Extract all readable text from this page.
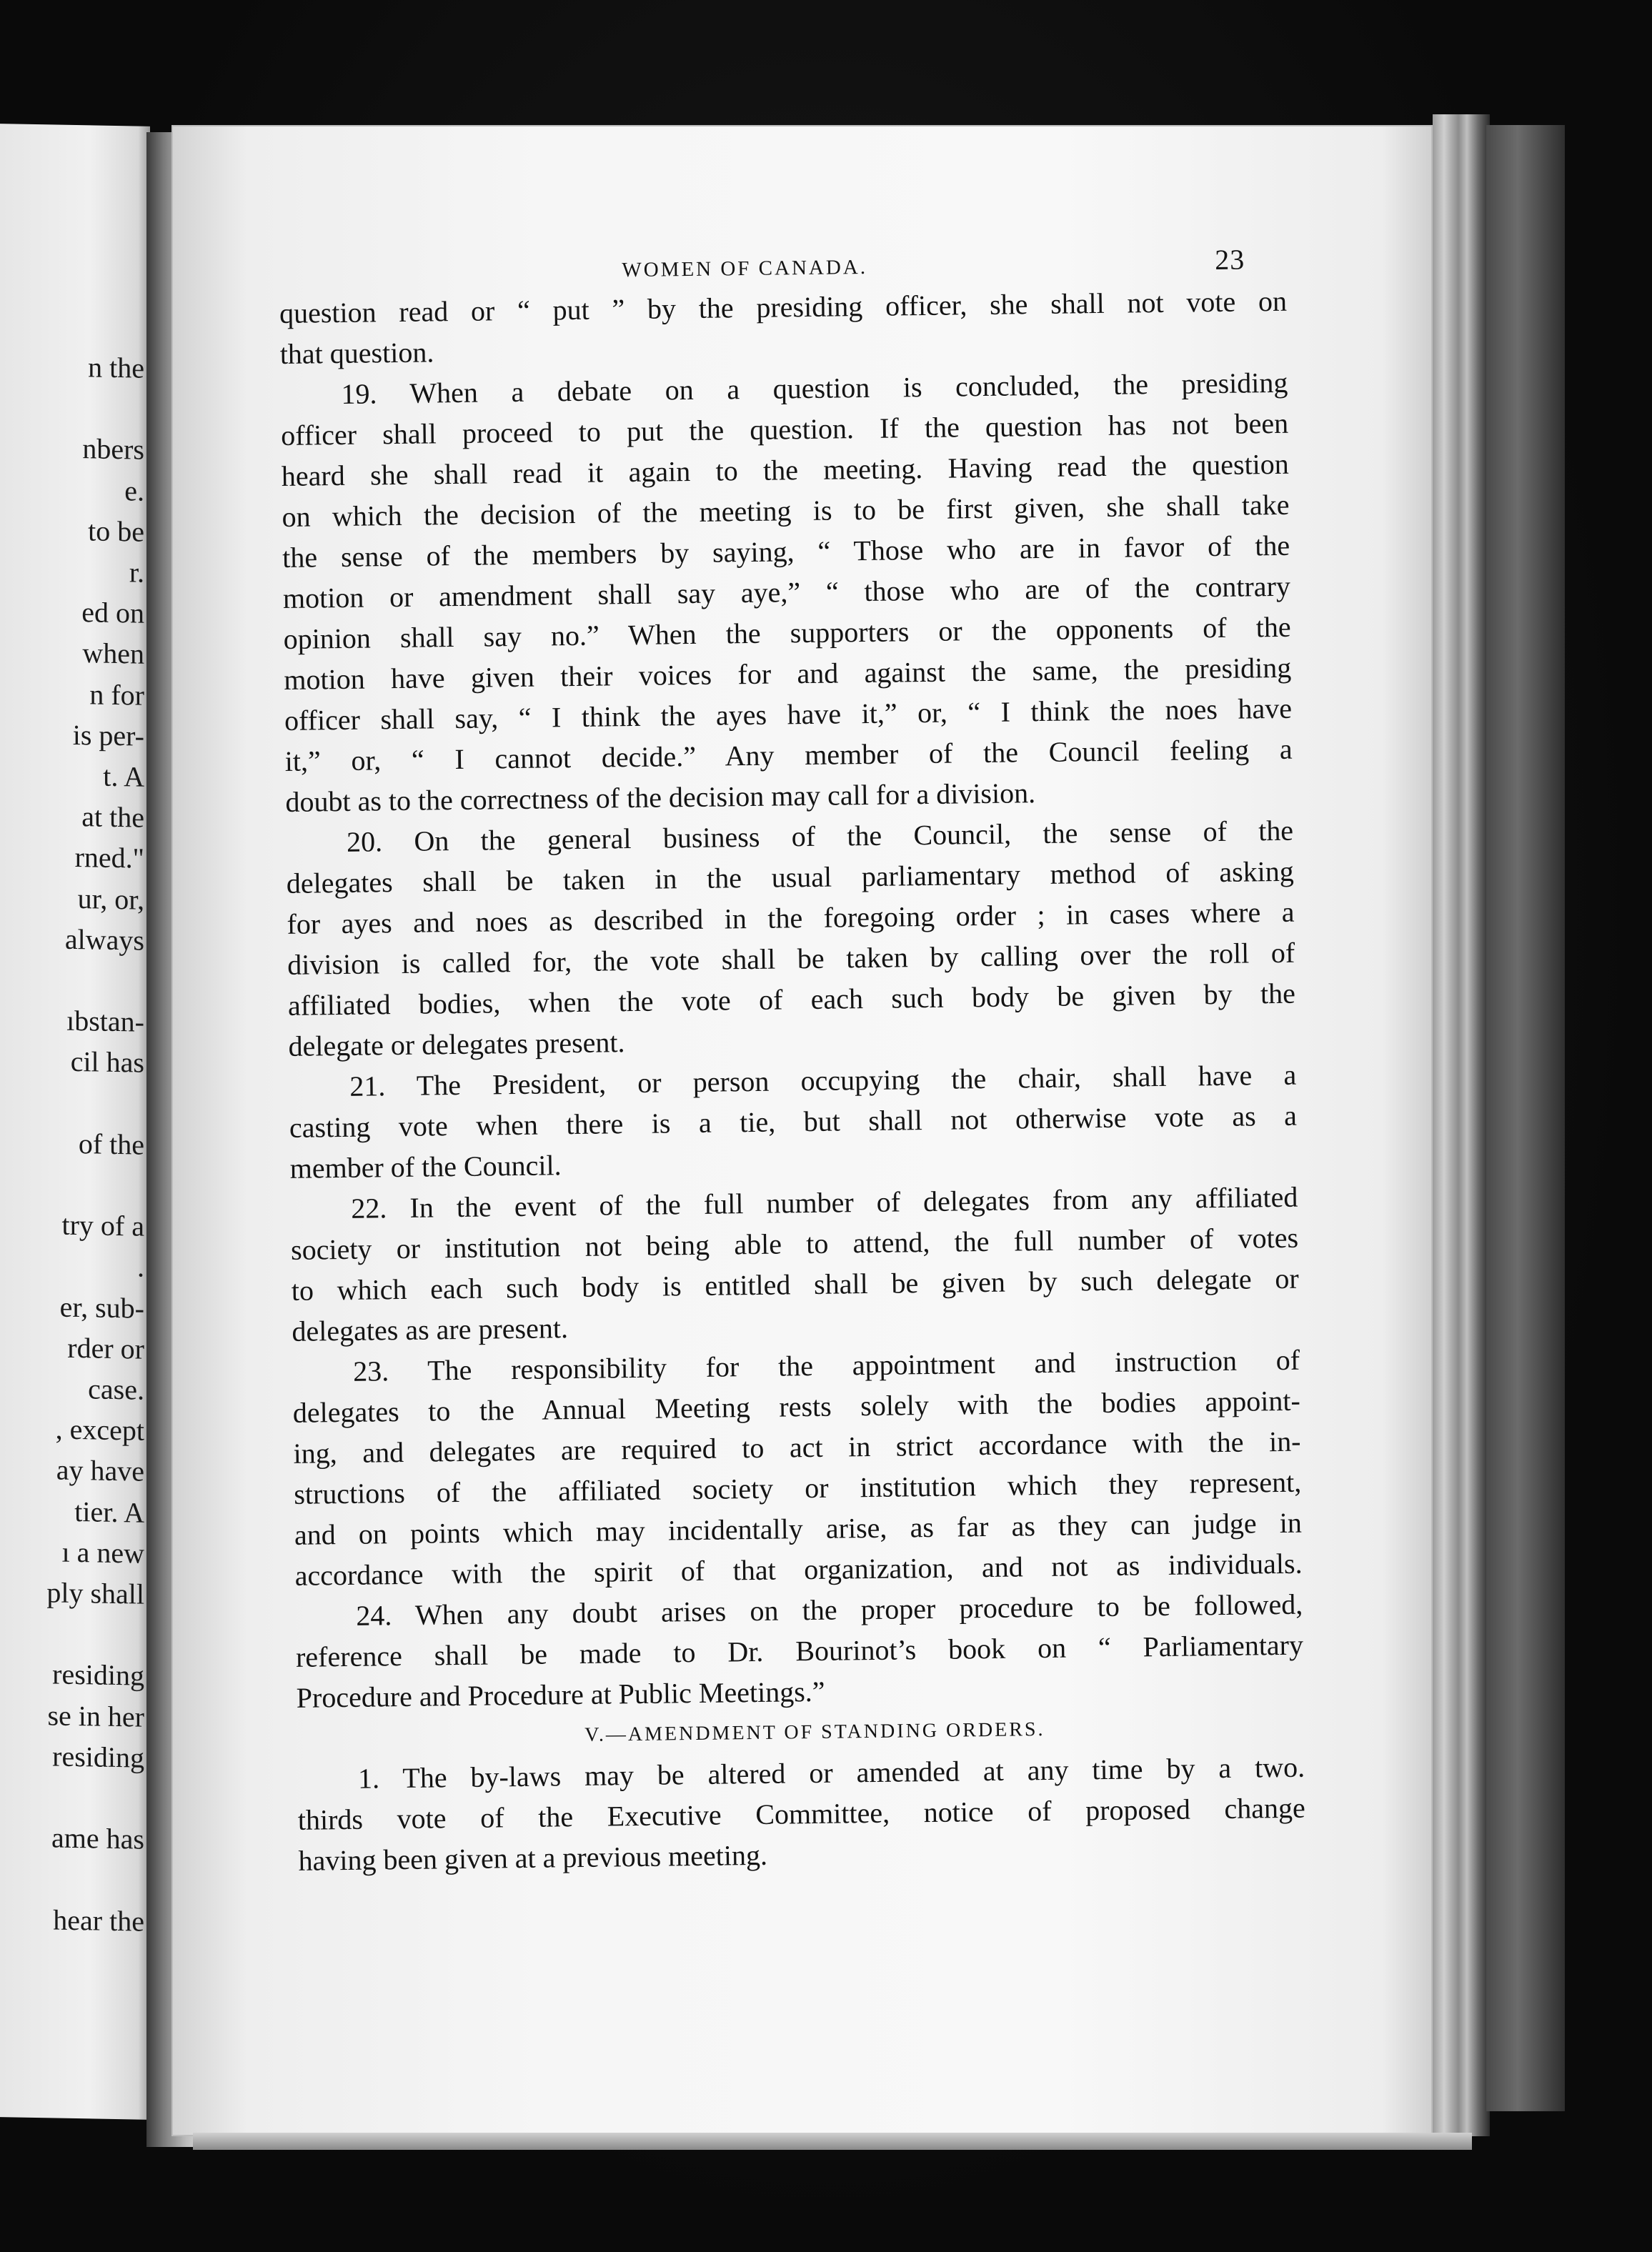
n the
nbers
e.
to be
r.
ed on
when
n for
is per-
t. A
at the
rned."
ur, or,
always
ıbstan-
cil has
of the
try of a
.
er, sub-
rder or
case.
, except
ay have
tier. A
ı a new
ply shall
residing
se in her
residing
ame has
hear the
WOMEN OF CANADA.	23
question read or “ put ” by the presiding officer, she shall not vote on
that question.
19. When a debate on a question is concluded, the presiding
officer shall proceed to put the question. If the question has not been
heard she shall read it again to the meeting. Having read the question
on which the decision of the meeting is to be first given, she shall take
the sense of the members by saying, “ Those who are in favor of the
motion or amendment shall say aye,” “ those who are of the contrary
opinion shall say no.” When the supporters or the opponents of the
motion have given their voices for and against the same, the presiding
officer shall say, “ I think the ayes have it,” or, “ I think the noes have
it,” or, “ I cannot decide.” Any member of the Council feeling a
doubt as to the correctness of the decision may call for a division.
20. On the general business of the Council, the sense of the
delegates shall be taken in the usual parliamentary method of asking
for ayes and noes as described in the foregoing order ; in cases where a
division is called for, the vote shall be taken by calling over the roll of
affiliated bodies, when the vote of each such body be given by the
delegate or delegates present.
21. The President, or person occupying the chair, shall have a
casting vote when there is a tie, but shall not otherwise vote as a
member of the Council.
22. In the event of the full number of delegates from any affiliated
society or institution not being able to attend, the full number of votes
to which each such body is entitled shall be given by such delegate or
delegates as are present.
23. The responsibility for the appointment and instruction of
delegates to the Annual Meeting rests solely with the bodies appoint-
ing, and delegates are required to act in strict accordance with the in-
structions of the affiliated society or institution which they represent,
and on points which may incidentally arise, as far as they can judge in
accordance with the spirit of that organization, and not as individuals.
24. When any doubt arises on the proper procedure to be followed,
reference shall be made to Dr. Bourinot’s book on “ Parliamentary
Procedure and Procedure at Public Meetings.”
V.—AMENDMENT OF STANDING ORDERS.
1. The by-laws may be altered or amended at any time by a two.
thirds vote of the Executive Committee, notice of proposed change
having been given at a previous meeting.
